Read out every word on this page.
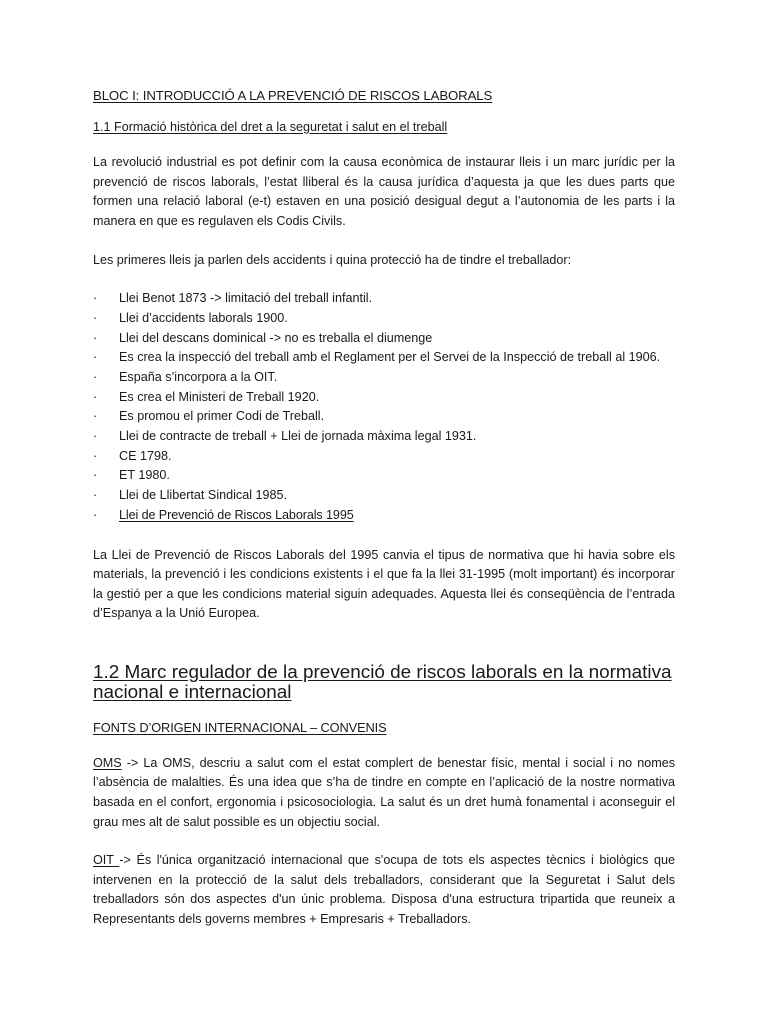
BLOC I: INTRODUCCIÓ A LA PREVENCIÓ DE RISCOS LABORALS
1.1 Formació històrica del dret a la seguretat i salut en el treball

La revolució industrial es pot definir com la causa econòmica de instaurar lleis i un marc jurídic per la prevenció de riscos laborals, l’estat lliberal és la causa jurídica d’aquesta ja que les dues parts que formen una relació laboral (e-t) estaven en una posició desigual degut a l’autonomia de les parts i la manera en que es regulaven els Codis Civils.

Les primeres lleis ja parlen dels accidents i quina protecció ha de tindre el treballador:

·	Llei Benot 1873 -> limitació del treball infantil.
·	Llei d’accidents laborals 1900.
·	Llei del descans dominical -> no es treballa el diumenge
·	Es crea la inspecció del treball amb el Reglament per el Servei de la Inspecció de treball al 1906.
·	España s’incorpora a la OIT.
·	Es crea el Ministeri de Treball 1920.
·	Es promou el primer Codi de Treball.
·	Llei de contracte de treball + Llei de jornada màxima legal 1931.
·	CE 1798.
·	ET 1980.
·	Llei de Llibertat Sindical 1985.
·	Llei de Prevenció de Riscos Laborals 1995

La Llei de Prevenció de Riscos Laborals del 1995 canvia el tipus de normativa que hi havia sobre els materials, la prevenció i les condicions existents i el que fa la llei 31-1995 (molt important) és incorporar la gestió per a que les condicions material siguin adequades. Aquesta llei és conseqüència de l’entrada d’Espanya a la Unió Europea.

1.2 Marc regulador de la prevenció de riscos laborals en la normativa nacional e internacional
FONTS D’ORIGEN INTERNACIONAL – CONVENIS

OMS -> La OMS, descriu a salut com el estat complert de benestar físic, mental i social i no nomes l’absència de malalties. És una idea que s’ha de tindre en compte en l’aplicació de la nostre normativa basada en el confort, ergonomia i psicosociologia. La salut és un dret humà fonamental i aconseguir el grau mes alt de salut possible es un objectiu social.

OIT -> És l'única organització internacional que s'ocupa de tots els aspectes tècnics i biològics que intervenen en la protecció de la salut dels treballadors, considerant que la Seguretat i Salut dels treballadors són dos aspectes d'un únic problema. Disposa d'una estructura tripartida que reuneix a Representants dels governs membres + Empresaris + Treballadors.
